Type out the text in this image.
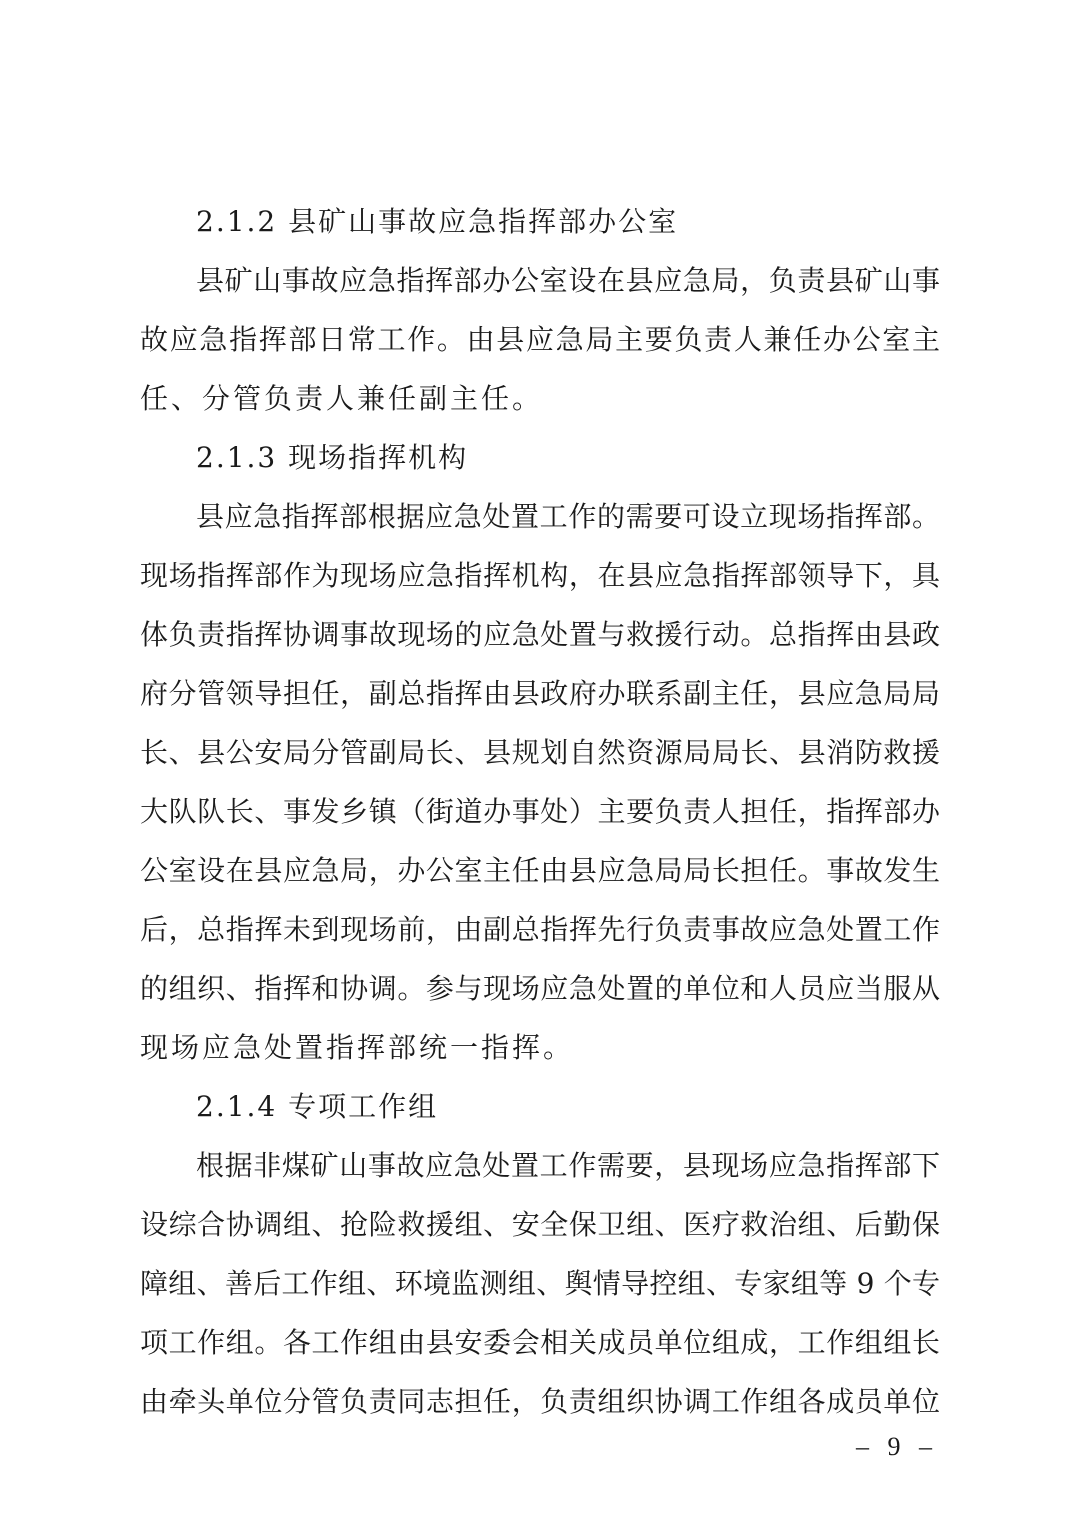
2.1.2 县矿山事故应急指挥部办公室
县矿山事故应急指挥部办公室设在县应急局，负责县矿山事
故应急指挥部日常工作。由县应急局主要负责人兼任办公室主
任、分管负责人兼任副主任。
2.1.3 现场指挥机构
县应急指挥部根据应急处置工作的需要可设立现场指挥部。
现场指挥部作为现场应急指挥机构，在县应急指挥部领导下，具
体负责指挥协调事故现场的应急处置与救援行动。总指挥由县政
府分管领导担任，副总指挥由县政府办联系副主任，县应急局局
长、县公安局分管副局长、县规划自然资源局局长、县消防救援
大队队长、事发乡镇（街道办事处）主要负责人担任，指挥部办
公室设在县应急局，办公室主任由县应急局局长担任。事故发生
后，总指挥未到现场前，由副总指挥先行负责事故应急处置工作
的组织、指挥和协调。参与现场应急处置的单位和人员应当服从
现场应急处置指挥部统一指挥。
2.1.4 专项工作组
根据非煤矿山事故应急处置工作需要，县现场应急指挥部下
设综合协调组、抢险救援组、安全保卫组、医疗救治组、后勤保
障组、善后工作组、环境监测组、舆情导控组、专家组等 9 个专
项工作组。各工作组由县安委会相关成员单位组成，工作组组长
由牵头单位分管负责同志担任，负责组织协调工作组各成员单位
– 9 –
